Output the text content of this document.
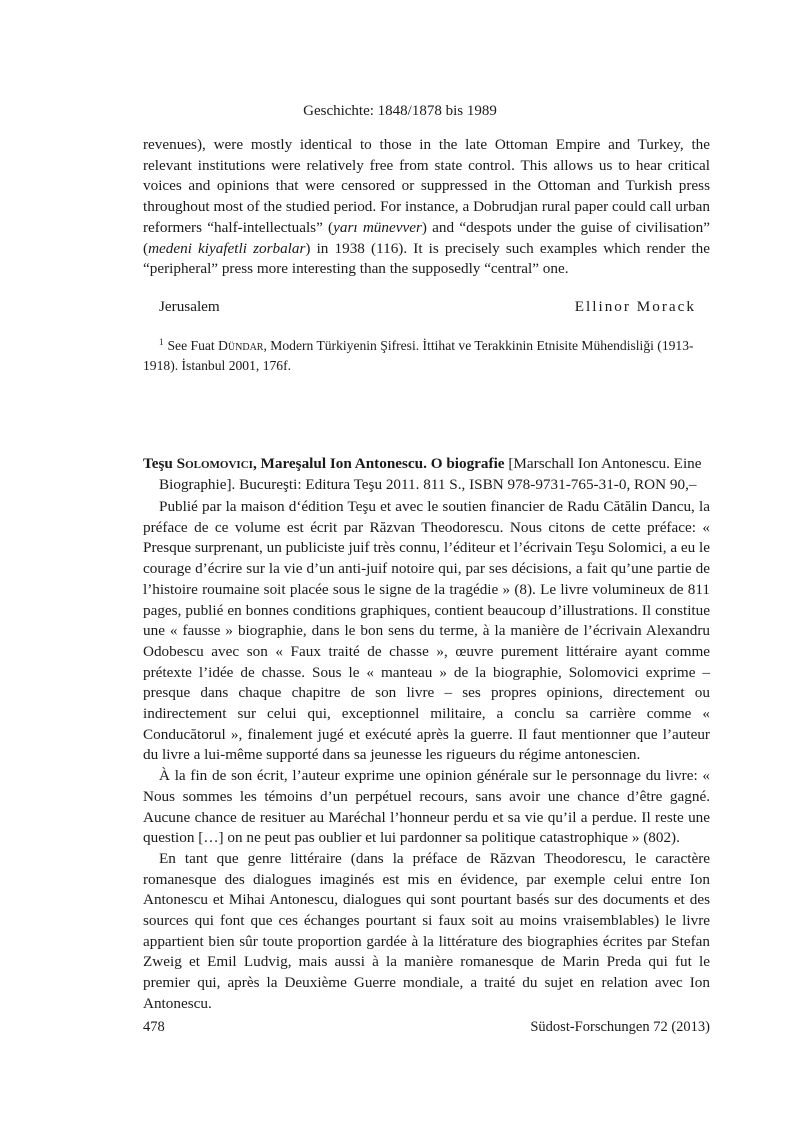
Geschichte: 1848/1878 bis 1989

revenues), were mostly identical to those in the late Ottoman Empire and Turkey, the relevant institutions were relatively free from state control. This allows us to hear critical voices and opinions that were censored or suppressed in the Ottoman and Turkish press throughout most of the studied period. For instance, a Dobrudjan rural paper could call urban reformers “half-intellectuals” (yarı münevver) and “despots under the guise of civilisation” (medeni kiyafetli zorbalar) in 1938 (116). It is precisely such examples which render the “peripheral” press more interesting than the supposedly “central” one.

Jerusalem	Ellinor Morack
$^1$ See Fuat Dündar, Modern Türkiyenin Şifresi. İttihat ve Terakkinin Etnisite Mühendisliği (1913-1918). İstanbul 2001, 176f.
Teşu Solomovici, Mareşalul Ion Antonescu. O biografie [Marschall Ion Antonescu. Eine
Biographie]. Bucureşti: Editura Teşu 2011. 811 S., ISBN 978-9731-765-31-0, RON 90,–

Publié par la maison d‘édition Teşu et avec le soutien financier de Radu Cătălin Dancu, la préface de ce volume est écrit par Răzvan Theodorescu. Nous citons de cette préface: « Presque surprenant, un publiciste juif très connu, l’éditeur et l’écrivain Teşu Solomici, a eu le courage d’écrire sur la vie d’un anti-juif notoire qui, par ses décisions, a fait qu’une partie de l’histoire roumaine soit placée sous le signe de la tragédie » (8). Le livre volumineux de 811 pages, publié en bonnes conditions graphiques, contient beaucoup d’illustrations. Il constitue une « fausse » biographie, dans le bon sens du terme, à la manière de l’écrivain Alexandru Odobescu avec son « Faux traité de chasse », œuvre purement littéraire ayant comme prétexte l’idée de chasse. Sous le « manteau » de la biographie, Solomovici exprime – presque dans chaque chapitre de son livre – ses propres opinions, directement ou indirectement sur celui qui, exceptionnel militaire, a conclu sa carrière comme « Conducătorul », finalement jugé et exécuté après la guerre. Il faut mentionner que l’auteur du livre a lui-même supporté dans sa jeunesse les rigueurs du régime antonescien.

À la fin de son écrit, l’auteur exprime une opinion générale sur le personnage du livre: « Nous sommes les témoins d’un perpétuel recours, sans avoir une chance d’être gagné. Aucune chance de resituer au Maréchal l’honneur perdu et sa vie qu’il a perdue. Il reste une question […] on ne peut pas oublier et lui pardonner sa politique catastrophique » (802).

En tant que genre littéraire (dans la préface de Răzvan Theodorescu, le caractère romanesque des dialogues imaginés est mis en évidence, par exemple celui entre Ion Antonescu et Mihai Antonescu, dialogues qui sont pourtant basés sur des documents et des sources qui font que ces échanges pourtant si faux soit au moins vraisemblables) le livre appartient bien sûr toute proportion gardée à la littérature des biographies écrites par Stefan Zweig et Emil Ludvig, mais aussi à la manière romanesque de Marin Preda qui fut le premier qui, après la Deuxième Guerre mondiale, a traité du sujet en relation avec Ion Antonescu.

478	Südost-Forschungen 72 (2013)
